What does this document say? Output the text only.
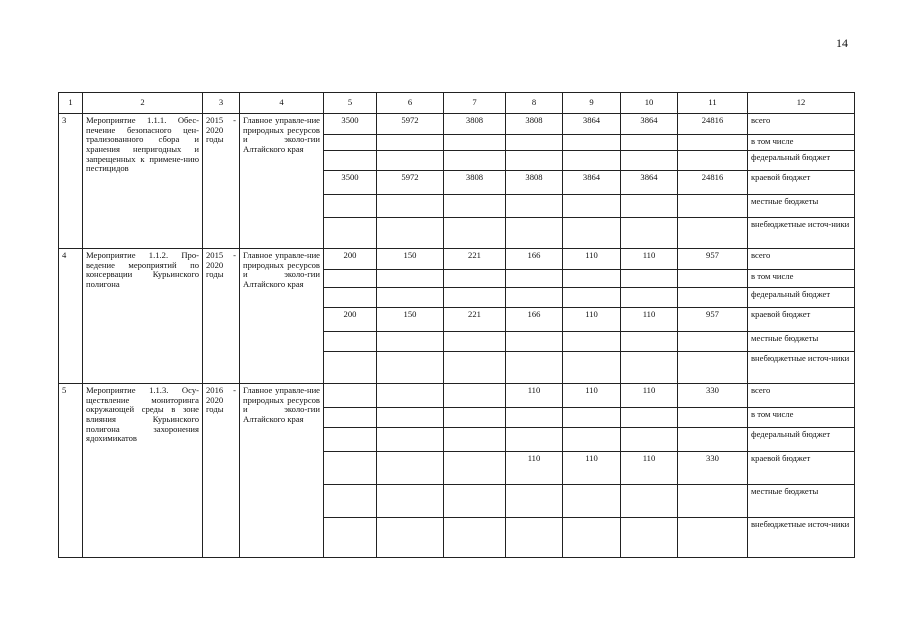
14
1	2	3	4	5	6	7	8	9	10	11	12
3	Мероприятие 1.1.1. Обес-печение безопасного цен-трализованного сбора и хранения непригодных и запрещенных к примене-нию пестицидов	2015 - 2020 годы	Главное управле-ние природных ресурсов и эколо-гии Алтайского края	3500	5972	3808	3808	3864	3864	24816	всего
											в том числе
											федеральный бюджет
				3500	5972	3808	3808	3864	3864	24816	краевой бюджет
											местные бюджеты
											внебюджетные источ-ники
4	Мероприятие 1.1.2. Про-ведение мероприятий по консервации Курьинского полигона	2015 - 2020 годы	Главное управле-ние природных ресурсов и эколо-гии Алтайского края	200	150	221	166	110	110	957	всего
											в том числе
											федеральный бюджет
				200	150	221	166	110	110	957	краевой бюджет
											местные бюджеты
											внебюджетные источ-ники
5	Мероприятие 1.1.3. Осу-ществление мониторинга окружающей среды в зоне влияния Курьинского полигона захоронения ядохимикатов	2016 - 2020 годы	Главное управле-ние природных ресурсов и эколо-гии Алтайского края				110	110	110	330	всего
											в том числе
											федеральный бюджет
							110	110	110	330	краевой бюджет
											местные бюджеты
											внебюджетные источ-ники
